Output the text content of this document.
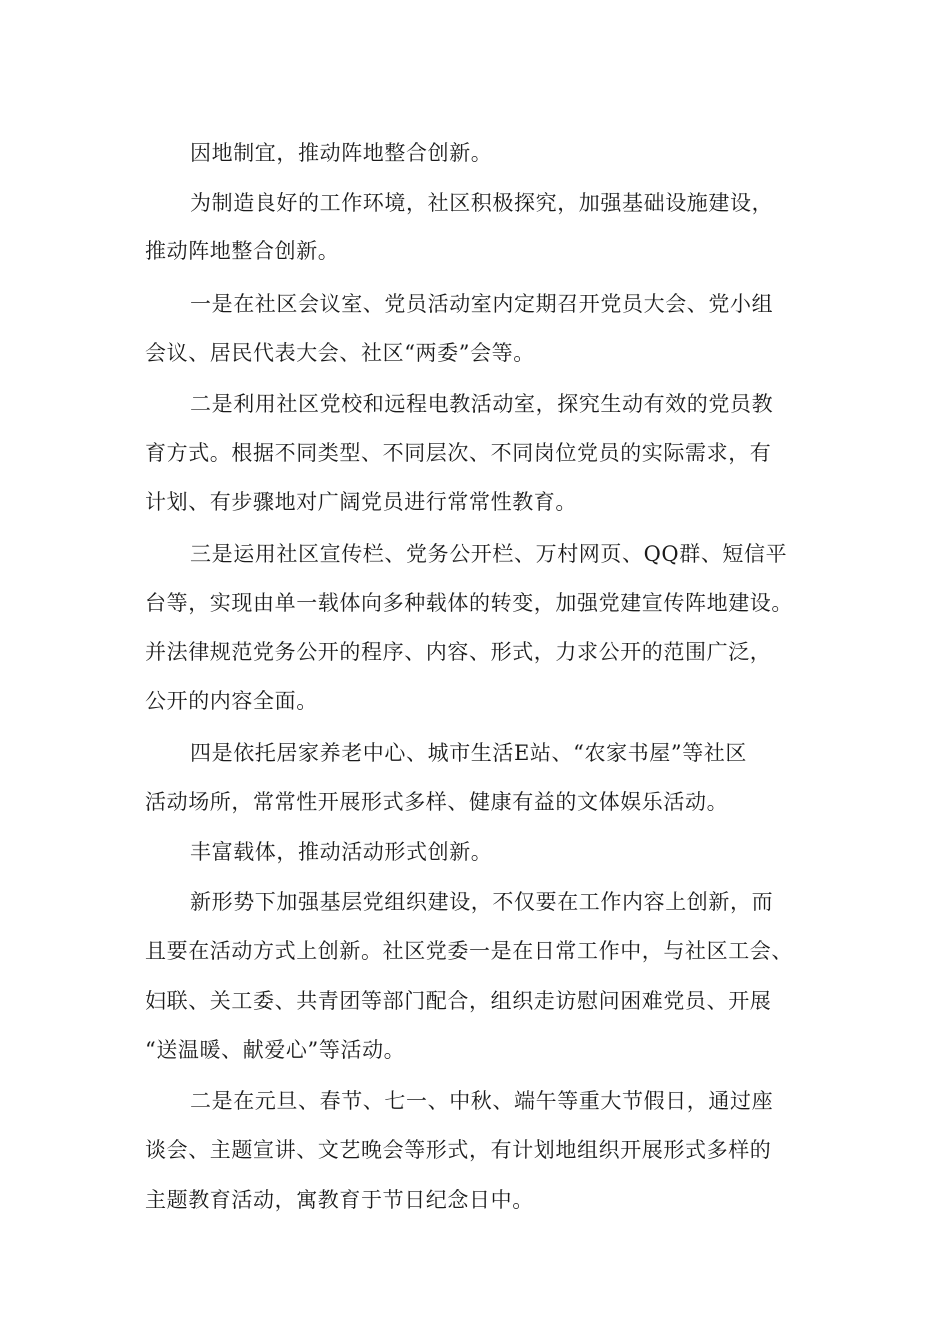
因地制宜，推动阵地整合创新。

为制造良好的工作环境，社区积极探究，加强基础设施建设，

推动阵地整合创新。

一是在社区会议室、党员活动室内定期召开党员大会、党小组

会议、居民代表大会、社区“两委”会等。

二是利用社区党校和远程电教活动室，探究生动有效的党员教

育方式。根据不同类型、不同层次、不同岗位党员的实际需求，有

计划、有步骤地对广阔党员进行常常性教育。

三是运用社区宣传栏、党务公开栏、万村网页、QQ群、短信平

台等，实现由单一载体向多种载体的转变，加强党建宣传阵地建设。

并法律规范党务公开的程序、内容、形式，力求公开的范围广泛，

公开的内容全面。

四是依托居家养老中心、城市生活E站、“农家书屋”等社区

活动场所，常常性开展形式多样、健康有益的文体娱乐活动。

丰富载体，推动活动形式创新。

新形势下加强基层党组织建设，不仅要在工作内容上创新，而

且要在活动方式上创新。社区党委一是在日常工作中，与社区工会、

妇联、关工委、共青团等部门配合，组织走访慰问困难党员、开展

“送温暖、献爱心”等活动。

二是在元旦、春节、七一、中秋、端午等重大节假日，通过座

谈会、主题宣讲、文艺晚会等形式，有计划地组织开展形式多样的

主题教育活动，寓教育于节日纪念日中。
